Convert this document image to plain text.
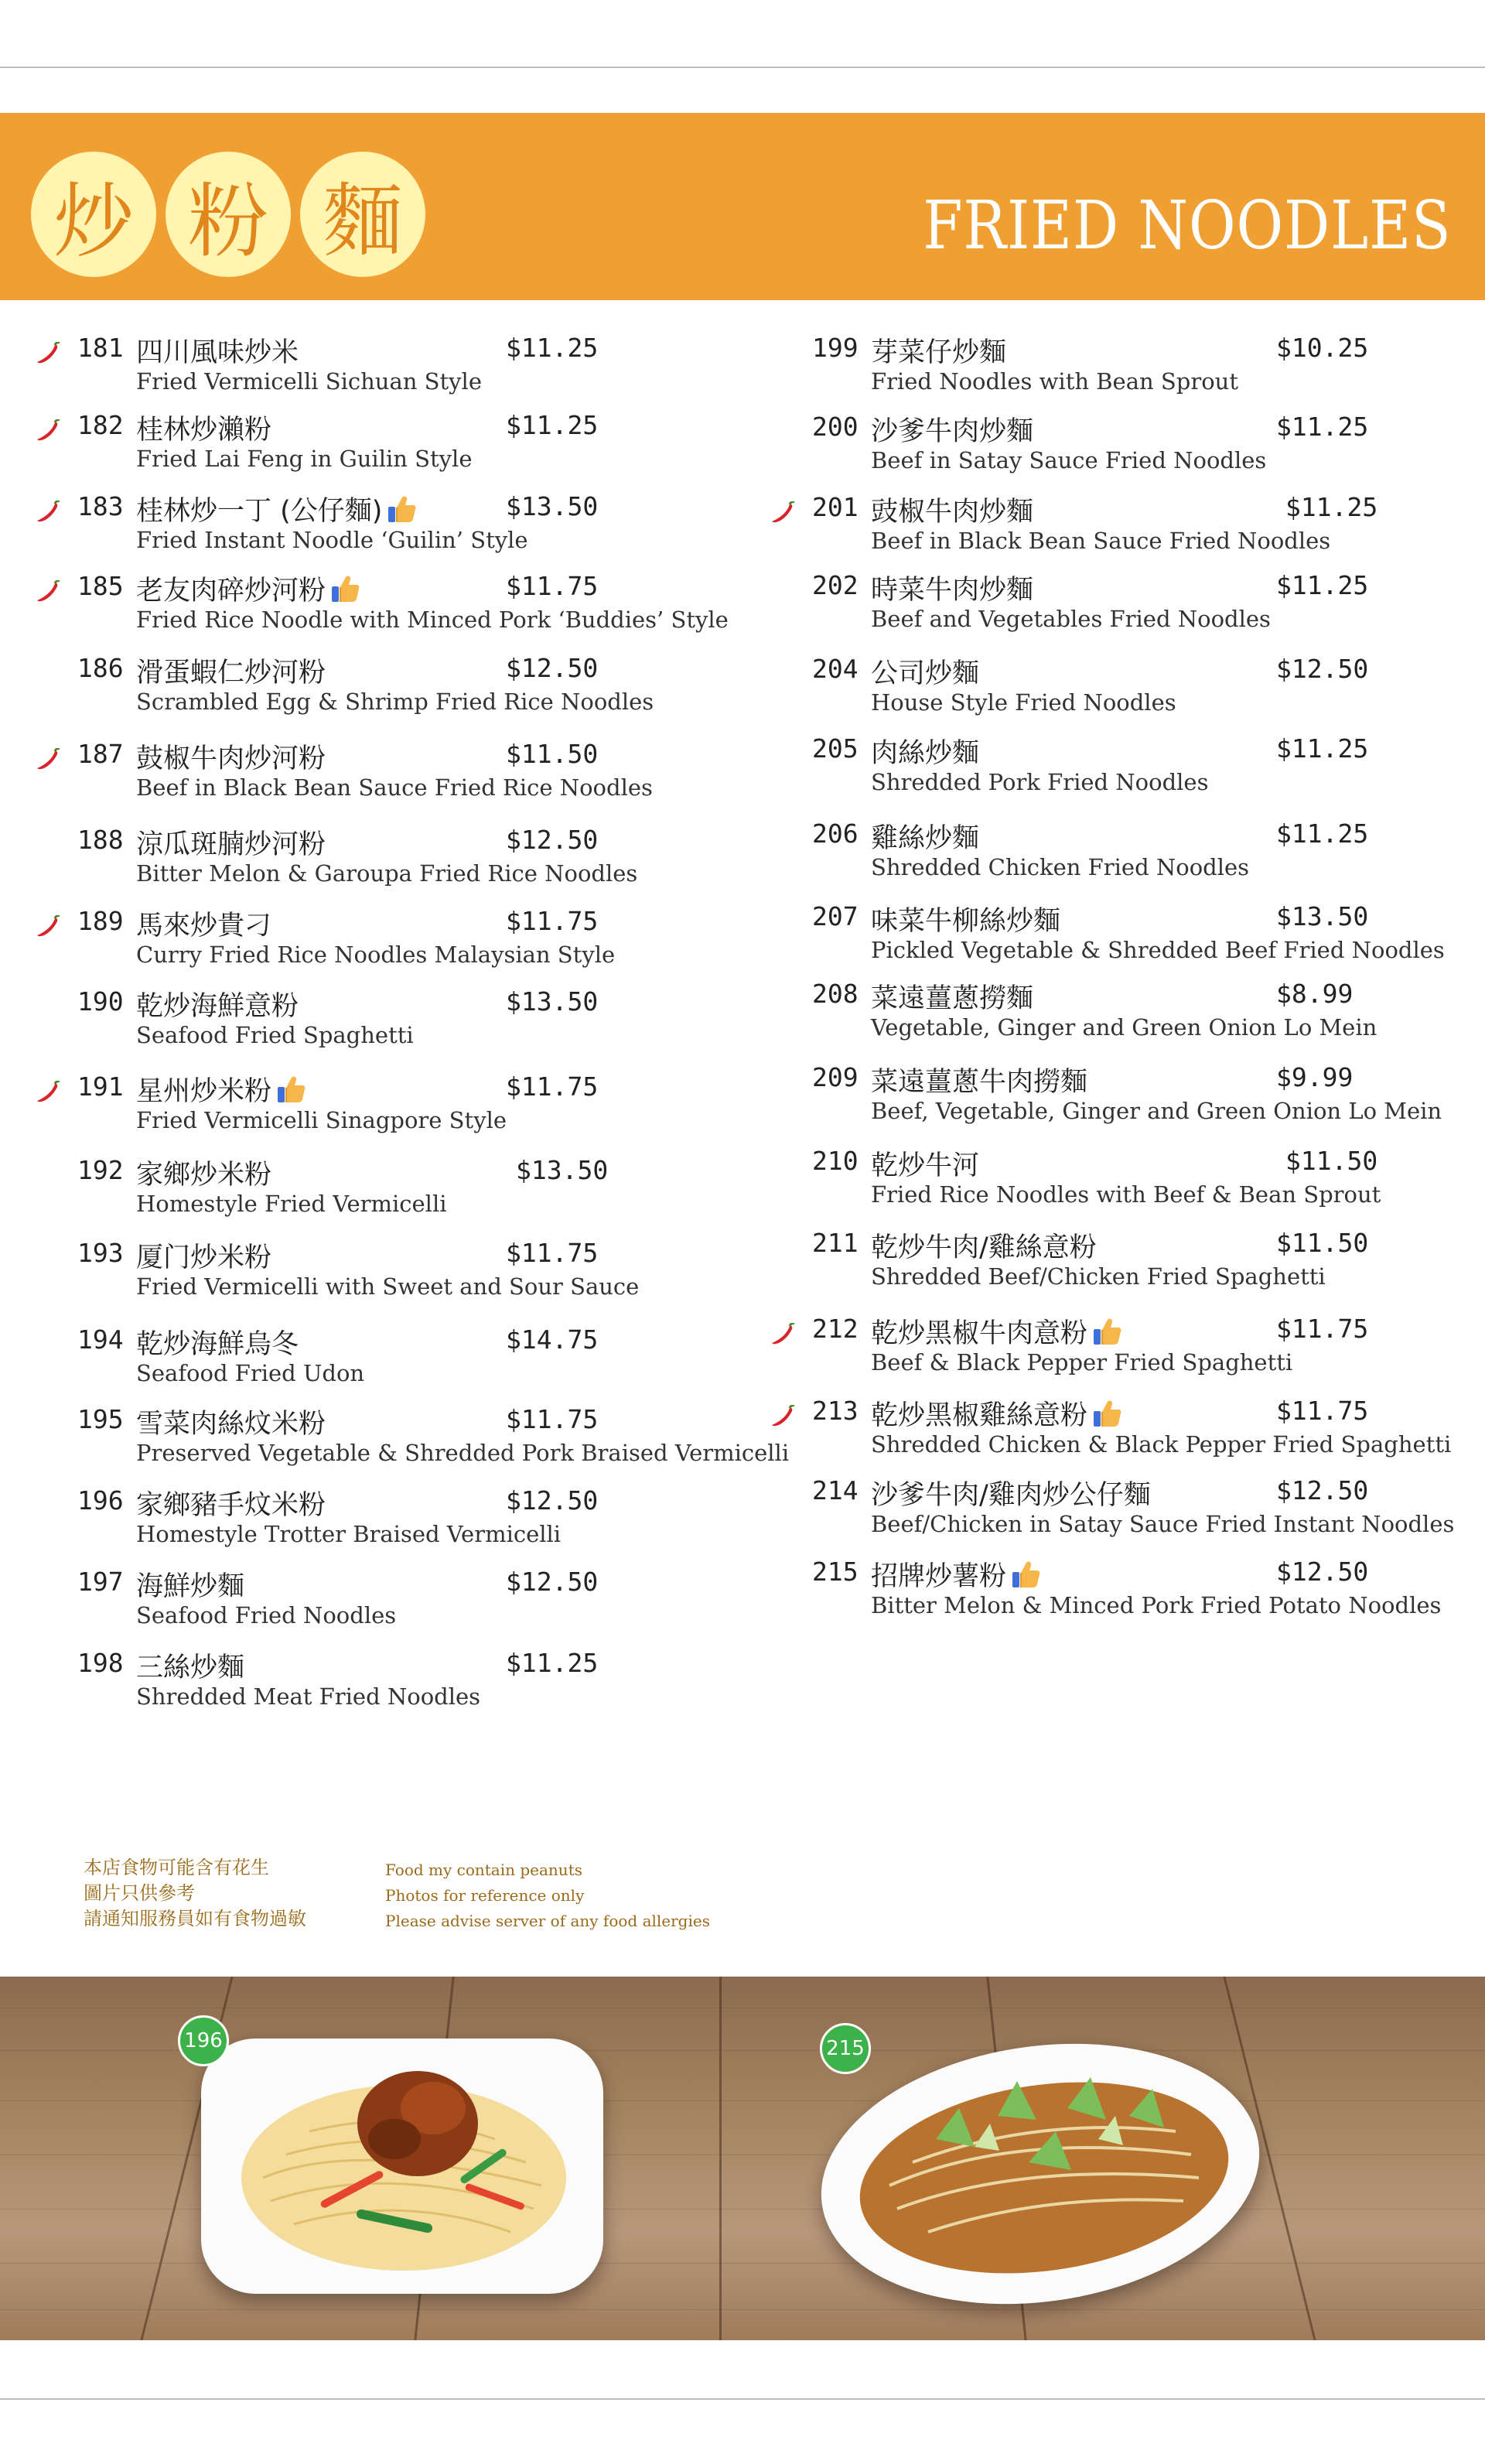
炒 粉 麵	FRIED NOODLES
181 四川風味炒米	$11.25
Fried Vermicelli Sichuan Style
182 桂林炒瀨粉	$11.25
Fried Lai Feng in Guilin Style
183 桂林炒一丁 (公仔麵)	$13.50
Fried Instant Noodle ‘Guilin’ Style
185 老友肉碎炒河粉	$11.75
Fried Rice Noodle with Minced Pork ‘Buddies’ Style
186 滑蛋蝦仁炒河粉	$12.50
Scrambled Egg & Shrimp Fried Rice Noodles
187 鼓椒牛肉炒河粉	$11.50
Beef in Black Bean Sauce Fried Rice Noodles
188 涼瓜斑腩炒河粉	$12.50
Bitter Melon & Garoupa Fried Rice Noodles
189 馬來炒貴刁	$11.75
Curry Fried Rice Noodles Malaysian Style
190 乾炒海鮮意粉	$13.50
Seafood Fried Spaghetti
191 星州炒米粉	$11.75
Fried Vermicelli Sinagpore Style
192 家鄉炒米粉	$13.50
Homestyle Fried Vermicelli
193 厦门炒米粉	$11.75
Fried Vermicelli with Sweet and Sour Sauce
194 乾炒海鮮烏冬	$14.75
Seafood Fried Udon
195 雪菜肉絲炆米粉	$11.75
Preserved Vegetable & Shredded Pork Braised Vermicelli
196 家鄉豬手炆米粉	$12.50
Homestyle Trotter Braised Vermicelli
197 海鮮炒麵	$12.50
Seafood Fried Noodles
198 三絲炒麵	$11.25
Shredded Meat Fried Noodles
199 芽菜仔炒麵	$10.25
Fried Noodles with Bean Sprout
200 沙爹牛肉炒麵	$11.25
Beef in Satay Sauce Fried Noodles
201 豉椒牛肉炒麵	$11.25
Beef in Black Bean Sauce Fried Noodles
202 時菜牛肉炒麵	$11.25
Beef and Vegetables Fried Noodles
204 公司炒麵	$12.50
House Style Fried Noodles
205 肉絲炒麵	$11.25
Shredded Pork Fried Noodles
206 雞絲炒麵	$11.25
Shredded Chicken Fried Noodles
207 味菜牛柳絲炒麵	$13.50
Pickled Vegetable & Shredded Beef Fried Noodles
208 菜遠薑蔥撈麵	$8.99
Vegetable, Ginger and Green Onion Lo Mein
209 菜遠薑蔥牛肉撈麵	$9.99
Beef, Vegetable, Ginger and Green Onion Lo Mein
210 乾炒牛河	$11.50
Fried Rice Noodles with Beef & Bean Sprout
211 乾炒牛肉/雞絲意粉	$11.50
Shredded Beef/Chicken Fried Spaghetti
212 乾炒黑椒牛肉意粉	$11.75
Beef & Black Pepper Fried Spaghetti
213 乾炒黑椒雞絲意粉	$11.75
Shredded Chicken & Black Pepper Fried Spaghetti
214 沙爹牛肉/雞肉炒公仔麵	$12.50
Beef/Chicken in Satay Sauce Fried Instant Noodles
215 招牌炒薯粉	$12.50
Bitter Melon & Minced Pork Fried Potato Noodles
本店食物可能含有花生
圖片只供參考
請通知服務員如有食物過敏
Food my contain peanuts
Photos for reference only
Please advise server of any food allergies
196	215
